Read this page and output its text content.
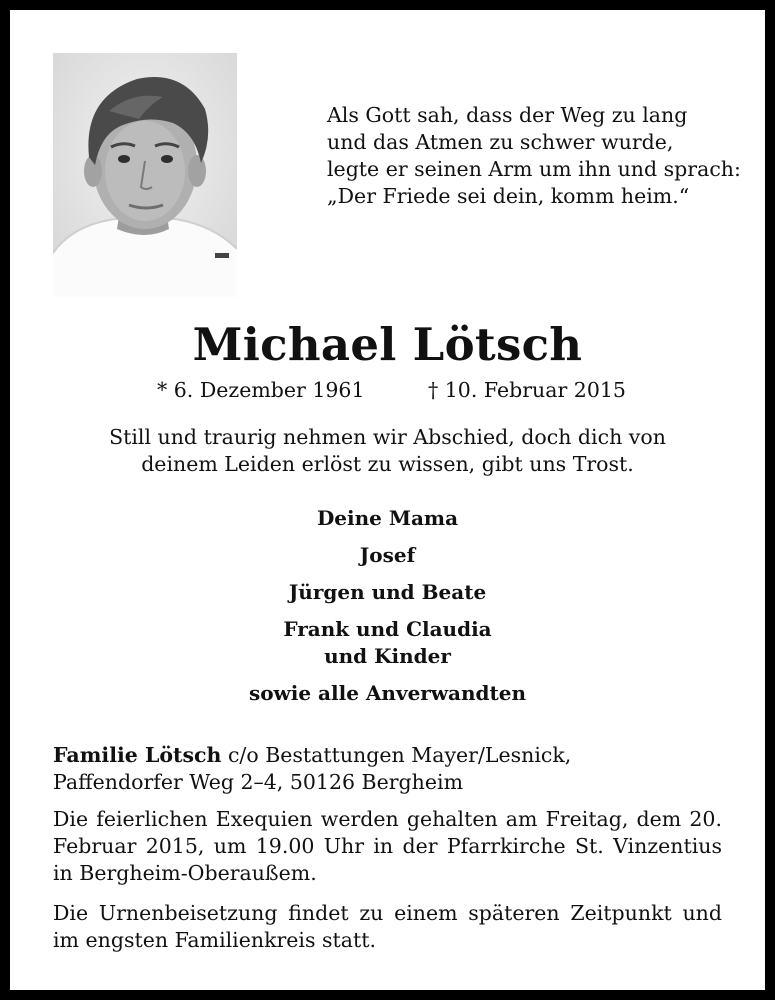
Als Gott sah, dass der Weg zu lang
und das Atmen zu schwer wurde,
legte er seinen Arm um ihn und sprach:
„Der Friede sei dein, komm heim.“
Michael Lötsch
* 6. Dezember 1961	† 10. Februar 2015
Still und traurig nehmen wir Abschied, doch dich von
deinem Leiden erlöst zu wissen, gibt uns Trost.
Deine Mama
Josef
Jürgen und Beate
Frank und Claudia
und Kinder
sowie alle Anverwandten
Familie Lötsch c/o Bestattungen Mayer/Lesnick,
Paffendorfer Weg 2–4, 50126 Bergheim
Die feierlichen Exequien werden gehalten am Freitag, dem 20. Februar 2015, um 19.00 Uhr in der Pfarrkirche St. Vinzentius in Bergheim-Oberaußem.
Die Urnenbeisetzung findet zu einem späteren Zeitpunkt und im engsten Familienkreis statt.
